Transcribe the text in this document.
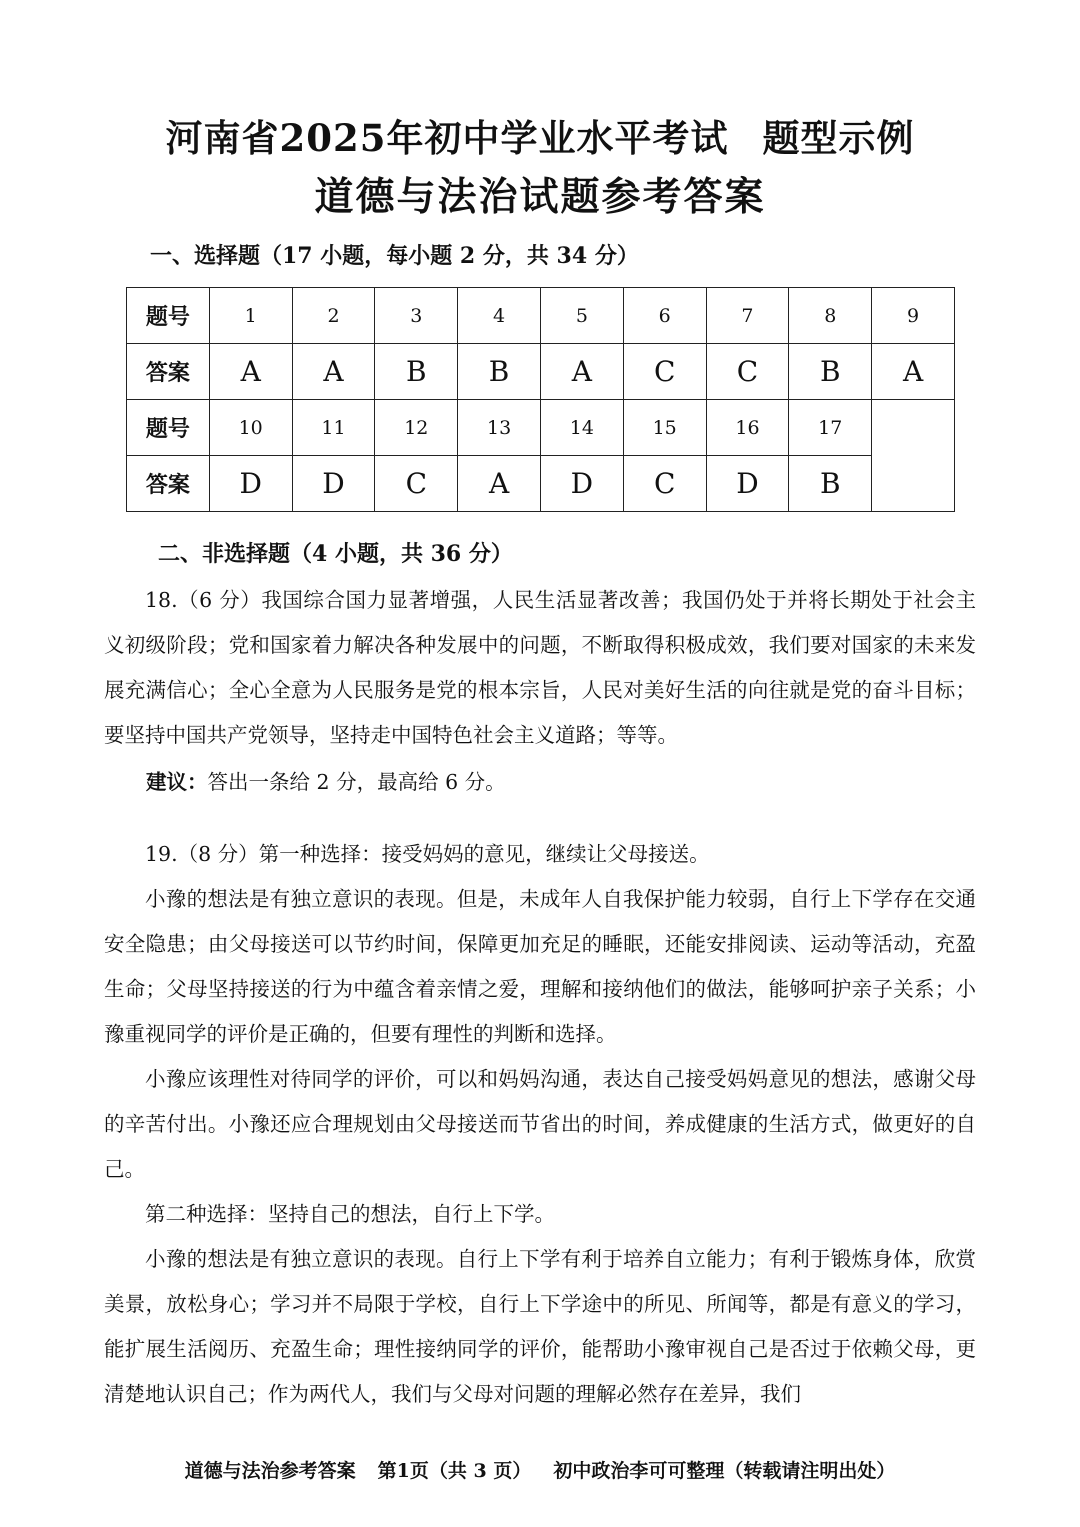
河南省2025年初中学业水平考试 题型示例
道德与法治试题参考答案
一、选择题（17 小题，每小题 2 分，共 34 分）
题号	1	2	3	4	5	6	7	8	9
答案	A	A	B	B	A	C	C	B	A
题号	10	11	12	13	14	15	16	17	
答案	D	D	C	A	D	C	D	B	
二、非选择题（4 小题，共 36 分）

18.（6 分）我国综合国力显著增强，人民生活显著改善；我国仍处于并将长期处于社会主义初级阶段；党和国家着力解决各种发展中的问题，不断取得积极成效，我们要对国家的未来发展充满信心；全心全意为人民服务是党的根本宗旨，人民对美好生活的向往就是党的奋斗目标；要坚持中国共产党领导，坚持走中国特色社会主义道路；等等。

建议：答出一条给 2 分，最高给 6 分。

19.（8 分）第一种选择：接受妈妈的意见，继续让父母接送。

小豫的想法是有独立意识的表现。但是，未成年人自我保护能力较弱，自行上下学存在交通安全隐患；由父母接送可以节约时间，保障更加充足的睡眠，还能安排阅读、运动等活动，充盈生命；父母坚持接送的行为中蕴含着亲情之爱，理解和接纳他们的做法，能够呵护亲子关系；小豫重视同学的评价是正确的，但要有理性的判断和选择。

小豫应该理性对待同学的评价，可以和妈妈沟通，表达自己接受妈妈意见的想法，感谢父母的辛苦付出。小豫还应合理规划由父母接送而节省出的时间，养成健康的生活方式，做更好的自己。

第二种选择：坚持自己的想法，自行上下学。

小豫的想法是有独立意识的表现。自行上下学有利于培养自立能力；有利于锻炼身体，欣赏美景，放松身心；学习并不局限于学校，自行上下学途中的所见、所闻等，都是有意义的学习，能扩展生活阅历、充盈生命；理性接纳同学的评价，能帮助小豫审视自己是否过于依赖父母，更清楚地认识自己；作为两代人，我们与父母对问题的理解必然存在差异，我们

道德与法治参考答案 第1页（共 3 页） 初中政治李可可整理（转载请注明出处）
